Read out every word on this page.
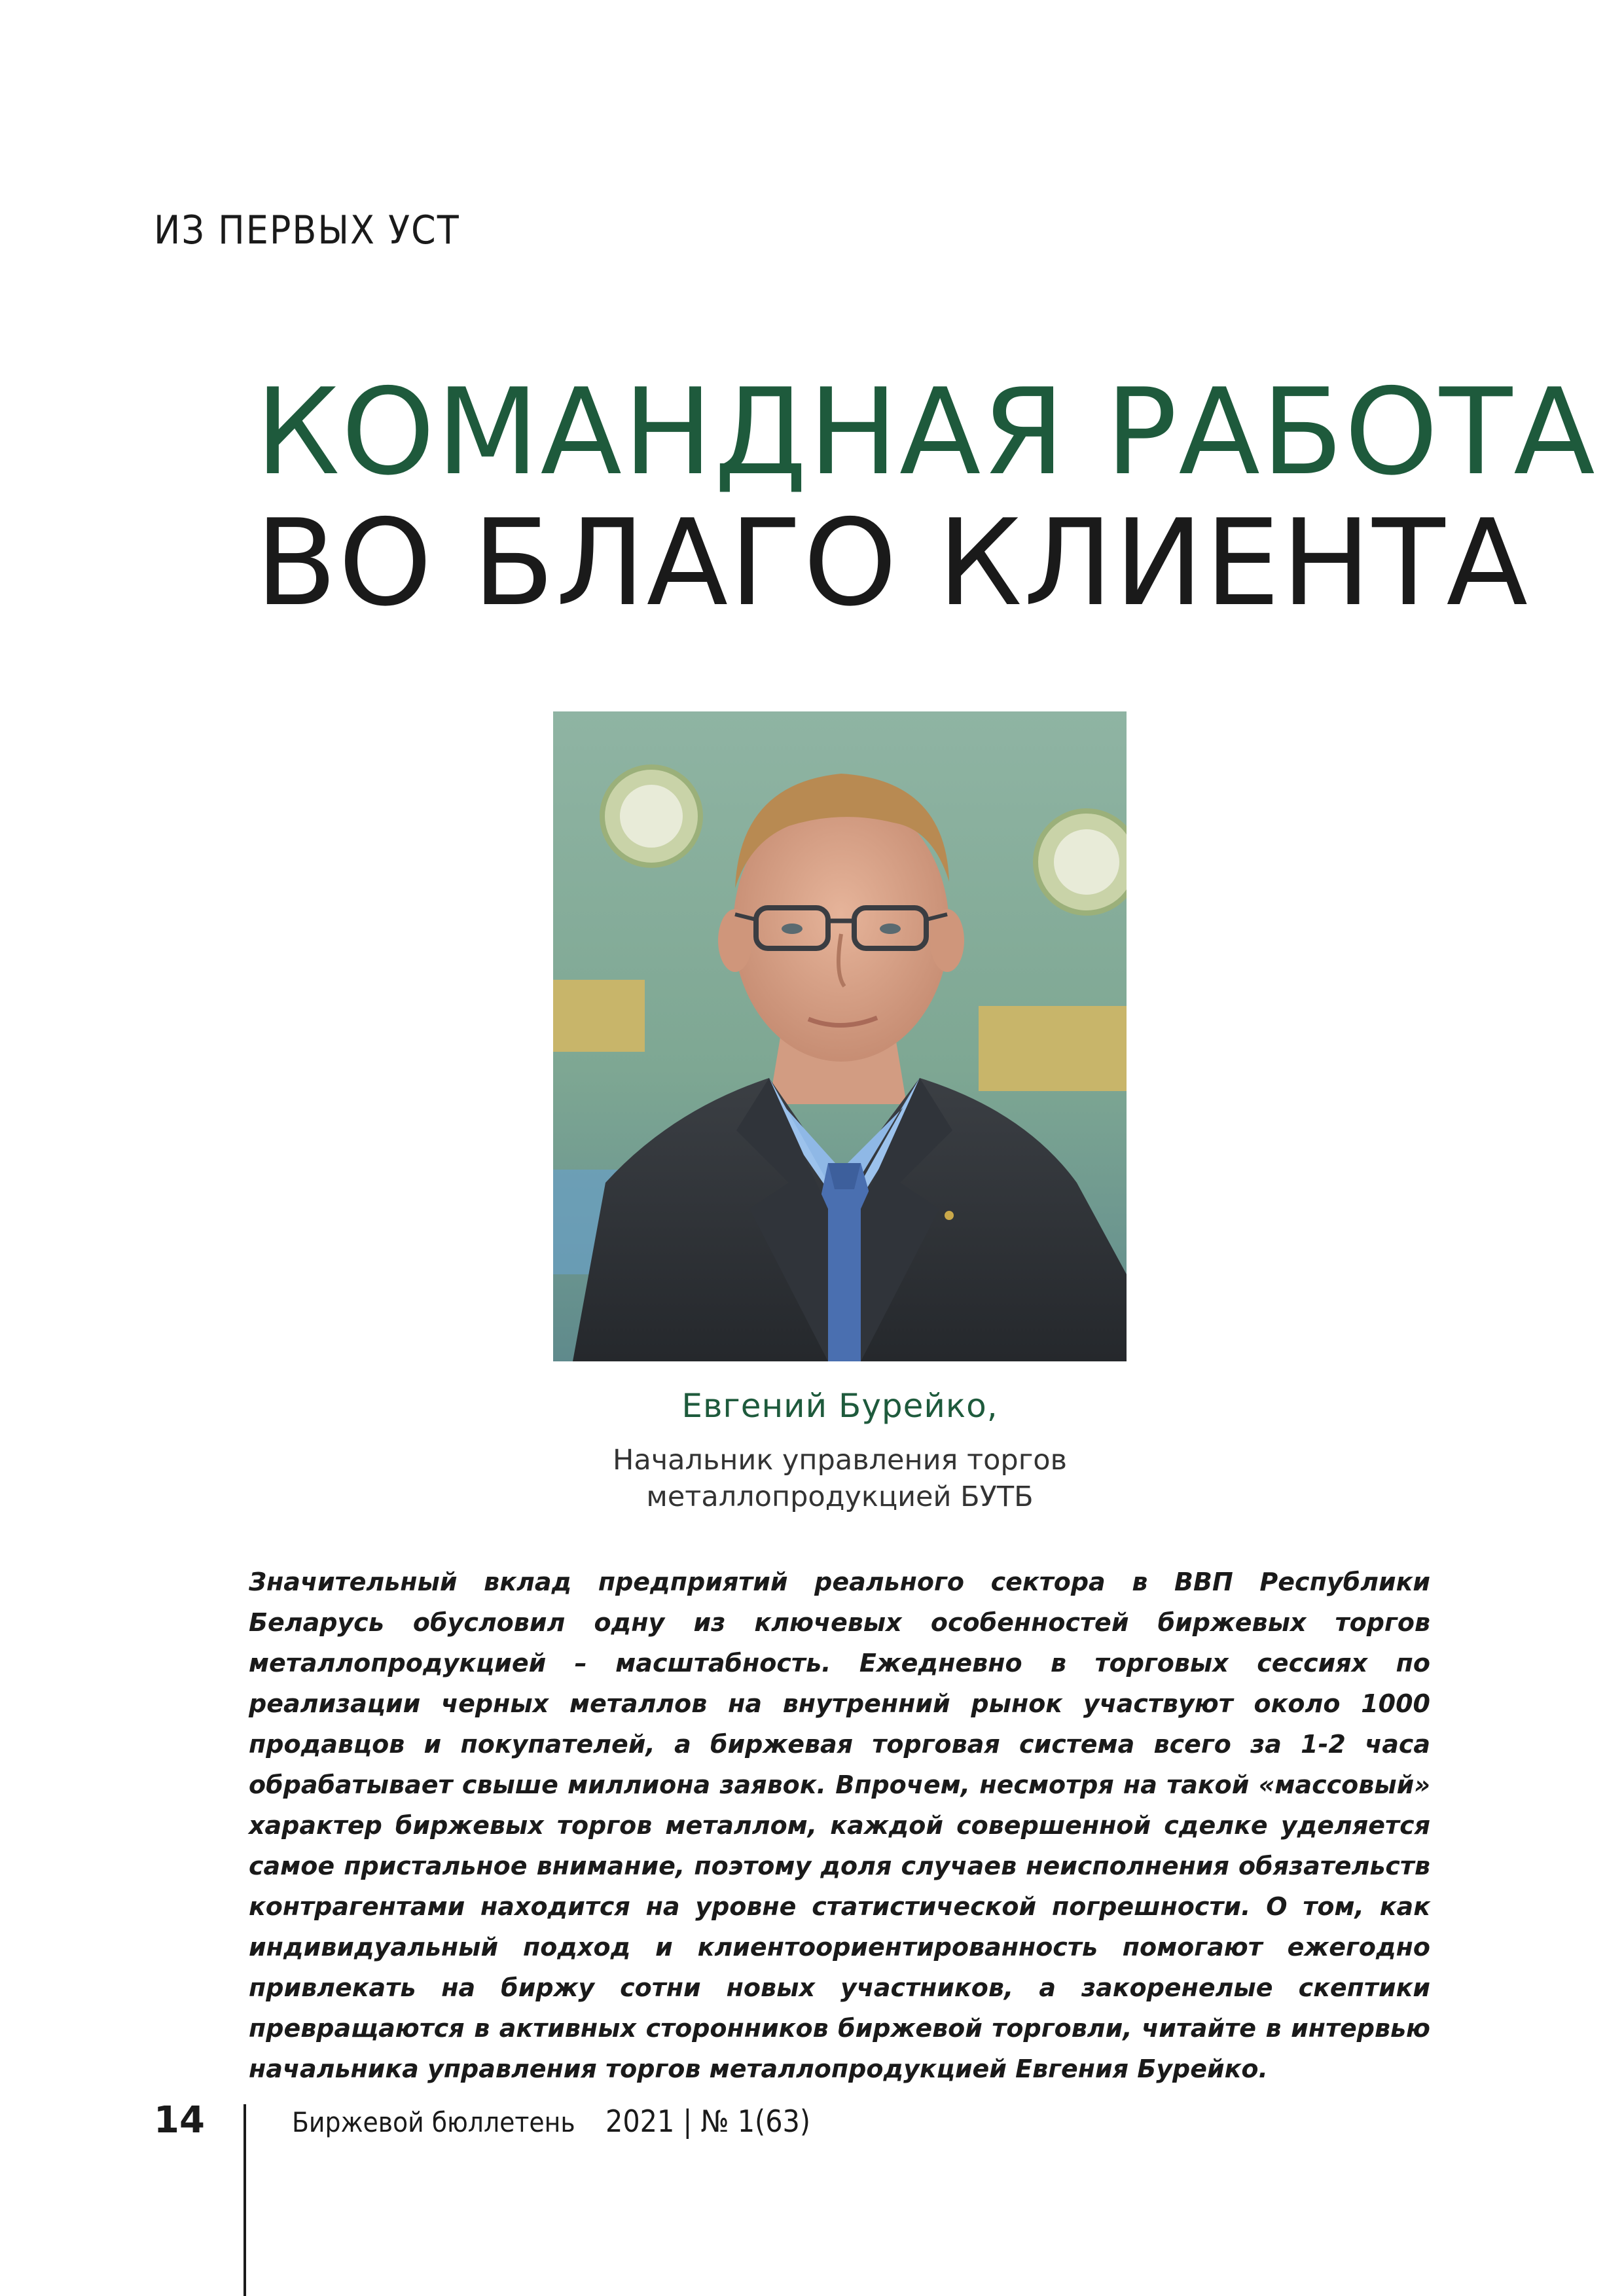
ИЗ ПЕРВЫХ УСТ
КОМАНДНАЯ РАБОТА
ВО БЛАГО КЛИЕНТА
Евгений Бурейко,
Начальник управления торгов
металлопродукцией БУТБ

Значительный вклад предприятий реального сектора в ВВП Республики Беларусь обусловил одну из ключевых особенностей биржевых торгов металлопродукцией – масштабность. Ежедневно в торговых сессиях по реализации черных металлов на внутренний рынок участвуют около 1000 продавцов и покупателей, а биржевая торговая система всего за 1-2 часа обрабатывает свыше миллиона заявок. Впрочем, несмотря на такой «массовый» характер биржевых торгов металлом, каждой совершенной сделке уделяется самое пристальное внимание, поэтому доля случаев неисполнения обязательств контрагентами находится на уровне статистической погрешности. О том, как индивидуальный подход и клиентоориентированность помогают ежегодно привлекать на биржу сотни новых участников, а закоренелые скептики превращаются в активных сторонников биржевой торговли, читайте в интервью начальника управления торгов металлопродукцией Евгения Бурейко.

14	Биржевой бюллетень 2021 | № 1(63)
